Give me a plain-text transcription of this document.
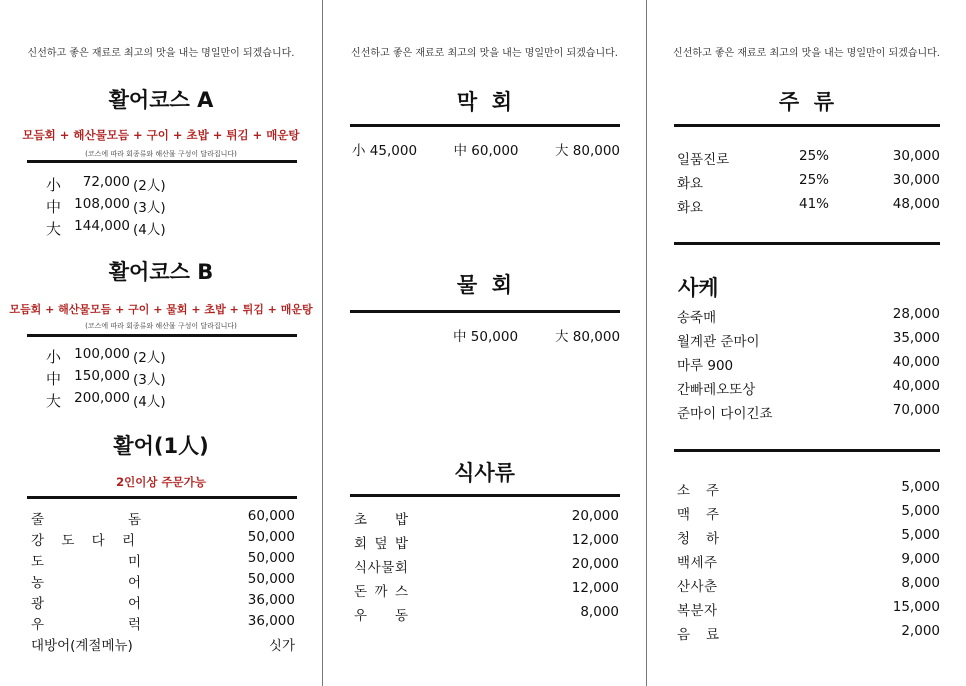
신선하고 좋은 재료로 최고의 맛을 내는 명일만이 되겠습니다.
활어코스 A
모듬회 + 해산물모듬 + 구이 + 초밥 + 튀김 + 매운탕
(코스에 따라 회종류와 해산물 구성이 달라집니다)
小	72,000 (2人)
中 108,000 (3人)
大 144,000 (4人)
활어코스 B
모듬회 + 해산물모듬 + 구이 + 물회 + 초밥 + 튀김 + 매운탕
(코스에 따라 회종류와 해산물 구성이 달라집니다)
小 100,000 (2人)
中 150,000 (3人)
大 200,000 (4人)
활어(1人)
2인이상 주문가능
줄	돔	60,000
강 도 다 리	50,000
도	미	50,000
농	어	50,000
광	어	36,000
우	럭	36,000
대방어(계절메뉴)	싯가
신선하고 좋은 재료로 최고의 맛을 내는 명일만이 되겠습니다.
막  회
小 45,000	中 60,000	大 80,000
물  회
中 50,000	大 80,000
식사류
초 밥	20,000
회 덮 밥	12,000
식 사 물 회	20,000
돈 까 스	12,000
우 동	8,000
신선하고 좋은 재료로 최고의 맛을 내는 명일만이 되겠습니다.
주  류
일품진로	25%	30,000
화요	25%	30,000
화요	41%	48,000
사케
송죽매	28,000
월계관 준마이	35,000
마루 900	40,000
간빠레오또상	40,000
준마이 다이긴죠	70,000
소 주	5,000
맥 주	5,000
청 하	5,000
백 세 주	9,000
산 사 춘	8,000
복 분 자	15,000
음 료	2,000
